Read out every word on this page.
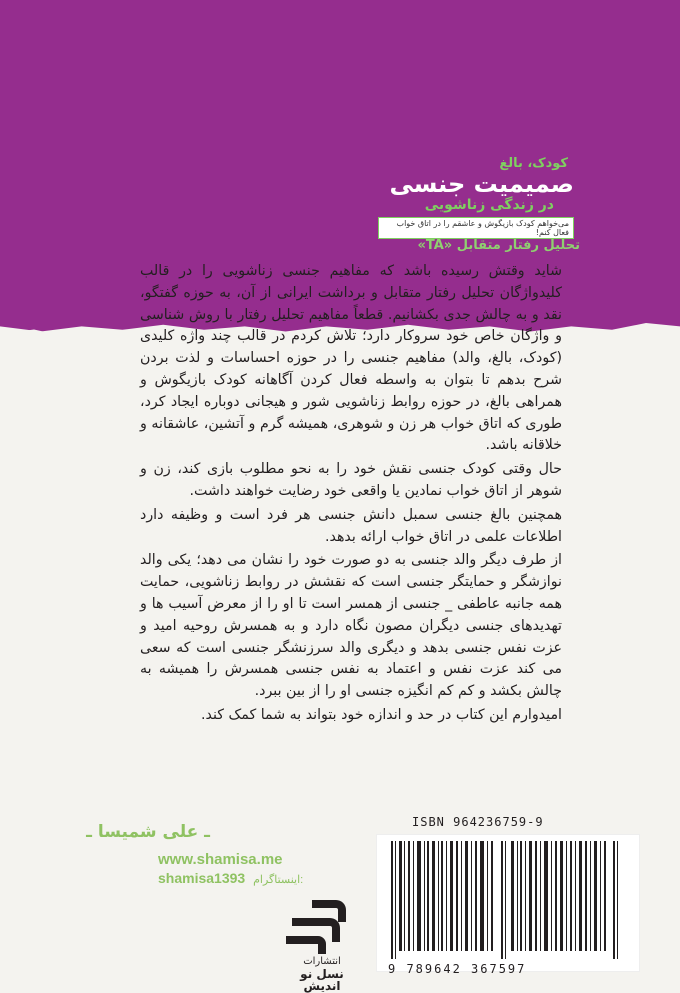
کودک، بالغ
صمیمیت جنسی
در زندگی زناشویی
می‌خواهم کودک بازیگوش و عاشقم را در اتاق خواب فعال کنم!
تحلیل رفتار متقابل «TA»

شاید وقتش رسیده باشد که مفاهیم جنسی زناشویی را در قالب کلیدواژگان تحلیل رفتار متقابل و برداشت ایرانی از آن، به حوزه گفتگو، نقد و به چالش جدی بکشانیم. قطعاً مفاهیم تحلیل رفتار با روش شناسی و واژگان خاص خود سروکار دارد؛ تلاش کردم در قالب چند واژه کلیدی (کودک، بالغ، والد) مفاهیم جنسی را در حوزه احساسات و لذت بردن شرح بدهم تا بتوان به واسطه فعال کردن آگاهانه کودک بازیگوش و همراهی بالغ، در حوزه روابط زناشویی شور و هیجانی دوباره ایجاد کرد، طوری که اتاق خواب هر زن و شوهری، همیشه گرم و آتشین، عاشقانه و خلاقانه باشد.

حال وقتی کودک جنسی نقش خود را به نحو مطلوب بازی کند، زن و شوهر از اتاق خواب نمادین یا واقعی خود رضایت خواهند داشت.

همچنین بالغ جنسی سمبل دانش جنسی هر فرد است و وظیفه دارد اطلاعات علمی در اتاق خواب ارائه بدهد.

از طرف دیگر والد جنسی به دو صورت خود را نشان می دهد؛ یکی والد نوازشگر و حمایتگر جنسی است که نقشش در روابط زناشویی، حمایت همه جانبه عاطفی _ جنسی از همسر است تا او را از معرض آسیب ها و تهدیدهای جنسی دیگران مصون نگاه دارد و به همسرش روحیه امید و عزت نفس جنسی بدهد و دیگری والد سرزنشگر جنسی است که سعی می کند عزت نفس و اعتماد به نفس جنسی همسرش را همیشه به چالش بکشد و کم کم انگیزه جنسی او را از بین ببرد.

امیدوارم این کتاب در حد و اندازه خود بتواند به شما کمک کند.

ـ علی شمیسا ـ
www.shamisa.me
shamisa1393 اینستاگرام:
ISBN 964236759-9
9 789642 367597
انتشارات
نسل نو اندیش
